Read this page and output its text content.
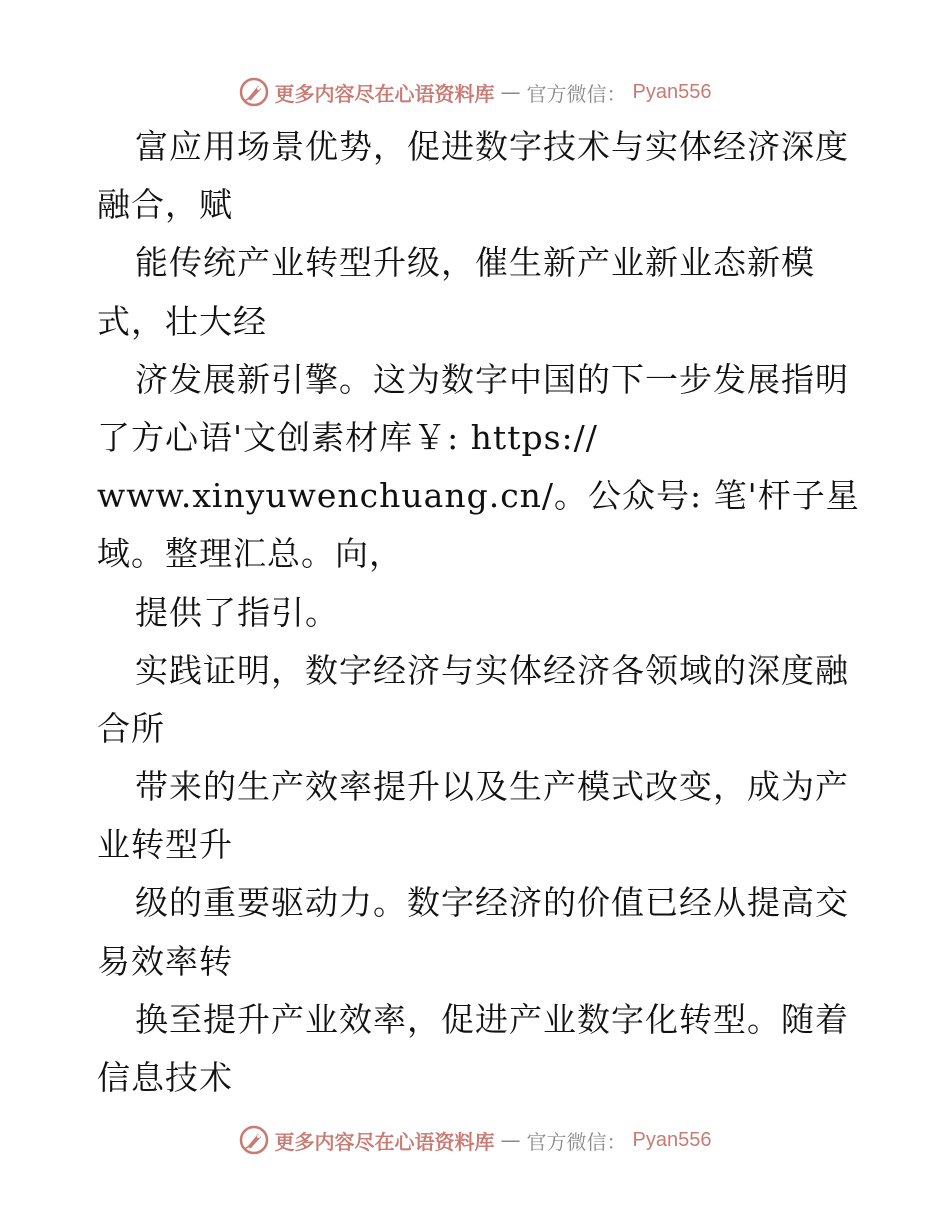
更多内容尽在心语资料库 — 官方微信： Pyan556
富应用场景优势，促进数字技术与实体经济深度
融合，赋
能传统产业转型升级，催生新产业新业态新模
式，壮大经
济发展新引擎。这为数字中国的下一步发展指明
了方心语'文创素材库￥: https://
www.xinyuwenchuang.cn/。公众号: 笔'杆子星
域。整理汇总。向，
提供了指引。
实践证明，数字经济与实体经济各领域的深度融
合所
带来的生产效率提升以及生产模式改变，成为产
业转型升
级的重要驱动力。数字经济的价值已经从提高交
易效率转
换至提升产业效率，促进产业数字化转型。随着
信息技术
更多内容尽在心语资料库 — 官方微信： Pyan556
